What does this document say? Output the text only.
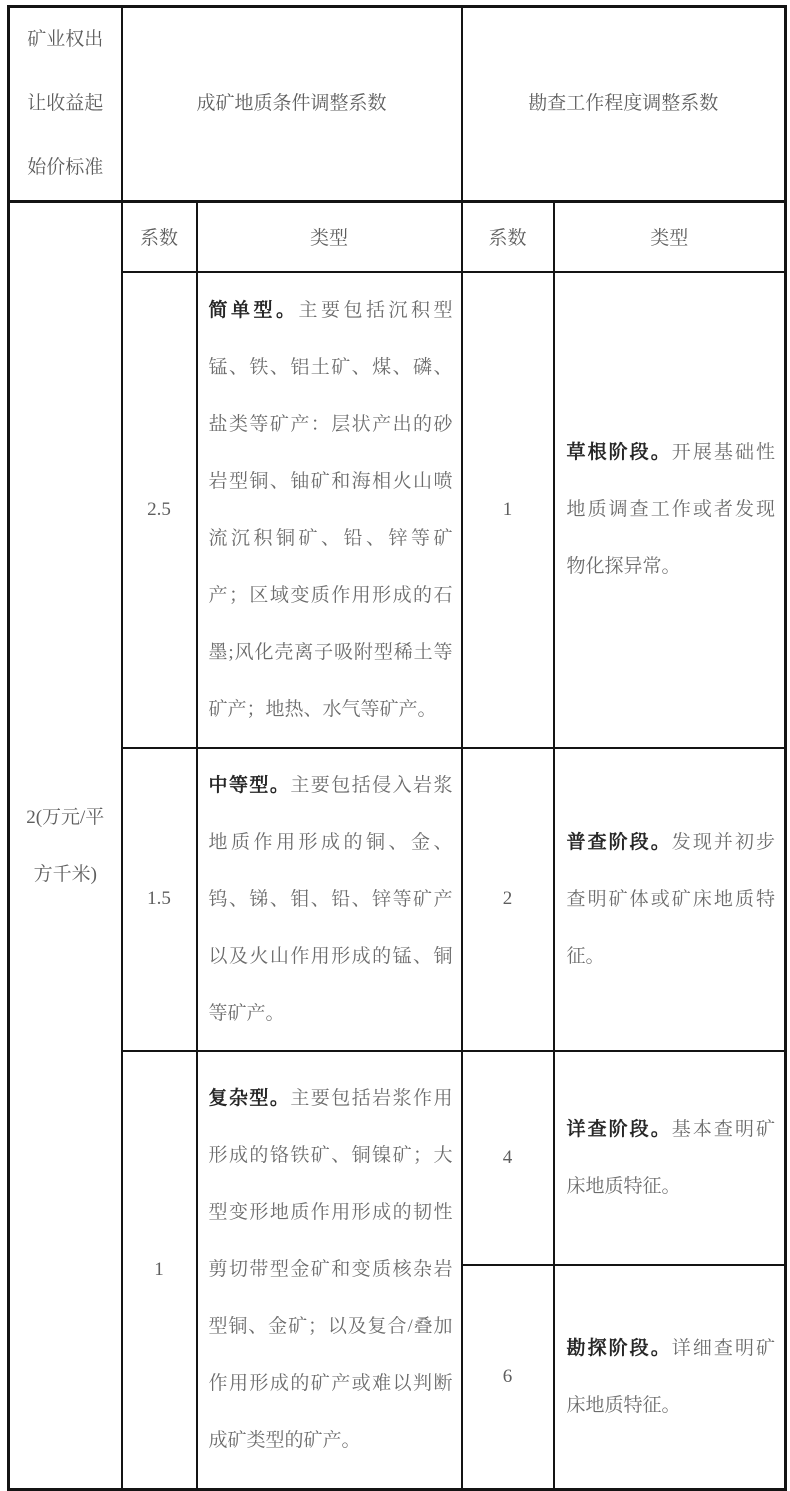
矿业权出让收益起始价标准	成矿地质条件调整系数		勘查工作程度调整系数	
2(万元/平方千米)	系数	类型	系数	类型
	2.5	简单型。主要包括沉积型锰、铁、铝土矿、煤、磷、盐类等矿产：层状产出的砂岩型铜、铀矿和海相火山喷流沉积铜矿、铅、锌等矿产；区域变质作用形成的石墨;风化壳离子吸附型稀土等矿产；地热、水气等矿产。	1	草根阶段。开展基础性地质调查工作或者发现物化探异常。
	1.5	中等型。主要包括侵入岩浆地质作用形成的铜、金、钨、锑、钼、铅、锌等矿产以及火山作用形成的锰、铜等矿产。	2	普查阶段。发现并初步查明矿体或矿床地质特征。
	1	复杂型。主要包括岩浆作用形成的铬铁矿、铜镍矿；大型变形地质作用形成的韧性剪切带型金矿和变质核杂岩型铜、金矿；以及复合/叠加作用形成的矿产或难以判断成矿类型的矿产。	4	详查阶段。基本查明矿床地质特征。
			6	勘探阶段。详细查明矿床地质特征。
